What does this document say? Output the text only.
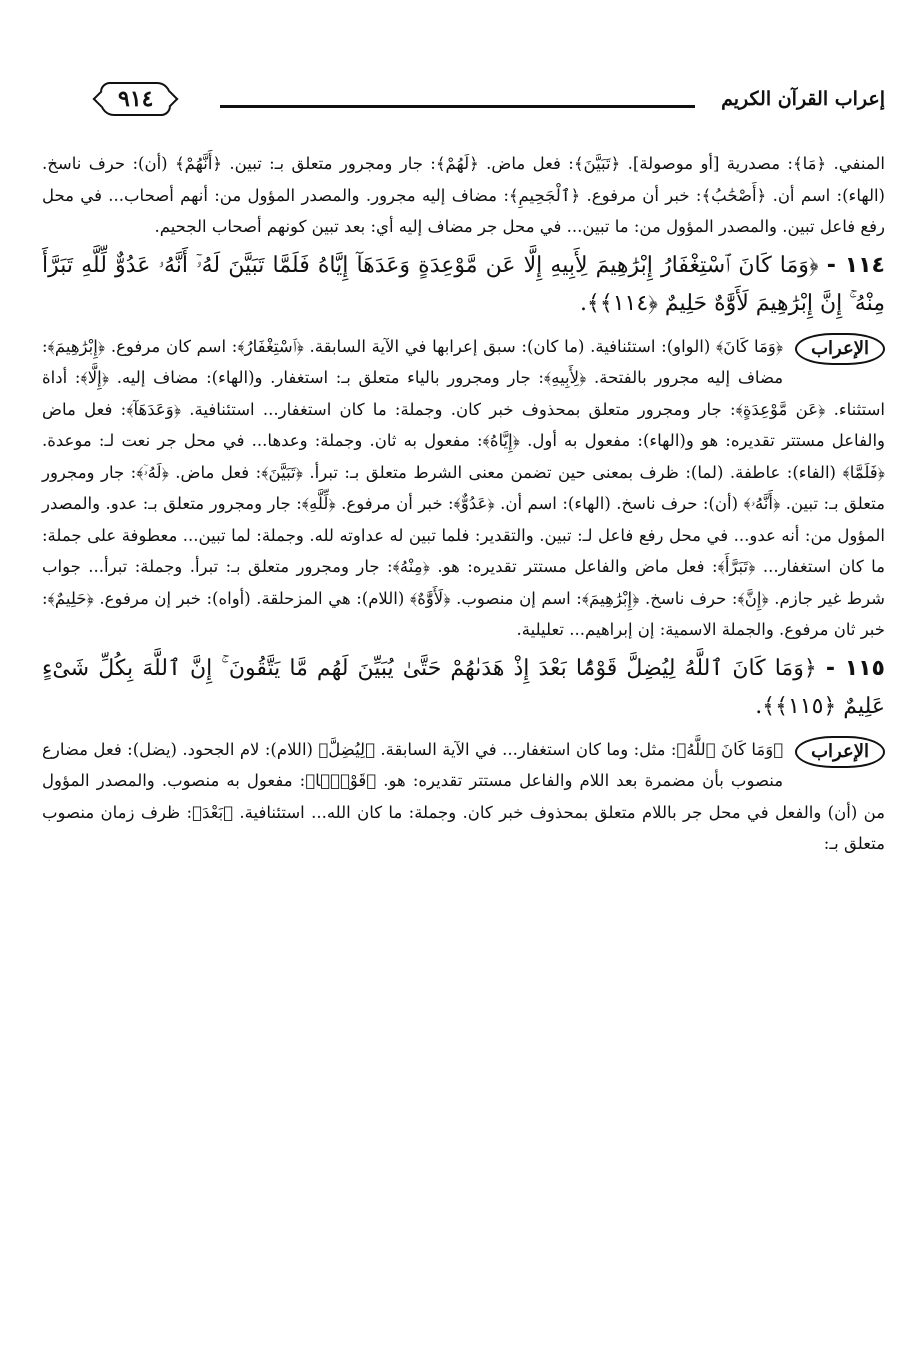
٩١٤	إعراب القرآن الكريم

المنفي. ﴿مَا﴾: مصدرية [أو موصولة]. ﴿تَبَيَّنَ﴾: فعل ماض. ﴿لَهُمْ﴾: جار ومجرور متعلق بـ: تبين. ﴿أَنَّهُمْ﴾ (أن): حرف ناسخ. (الهاء): اسم أن. ﴿أَصْحَٰبُ﴾: خبر أن مرفوع. ﴿ٱلْجَحِيمِ﴾: مضاف إليه مجرور. والمصدر المؤول من: أنهم أصحاب... في محل رفع فاعل تبين. والمصدر المؤول من: ما تبين... في محل جر مضاف إليه أي: بعد تبين كونهم أصحاب الجحيم.

١١٤ - ﴿وَمَا كَانَ ٱسْتِغْفَارُ إِبْرَٰهِيمَ لِأَبِيهِ إِلَّا عَن مَّوْعِدَةٍ وَعَدَهَآ إِيَّاهُ فَلَمَّا تَبَيَّنَ لَهُۥٓ أَنَّهُۥ عَدُوٌّ لِّلَّهِ تَبَرَّأَ مِنْهُ ۚ إِنَّ إِبْرَٰهِيمَ لَأَوَّٰهٌ حَلِيمٌ ﴿١١٤﴾﴾.

الإعراب

﴿وَمَا كَانَ﴾ (الواو): استئنافية. (ما كان): سبق إعرابها في الآية السابقة. ﴿ٱسْتِغْفَارُ﴾: اسم كان مرفوع. ﴿إِبْرَٰهِيمَ﴾: مضاف إليه مجرور بالفتحة. ﴿لِأَبِيهِ﴾: جار ومجرور بالياء متعلق بـ: استغفار. و(الهاء): مضاف إليه. ﴿إِلَّا﴾: أداة استثناء. ﴿عَن مَّوْعِدَةٍ﴾: جار ومجرور متعلق بمحذوف خبر كان. وجملة: ما كان استغفار... استئنافية. ﴿وَعَدَهَآ﴾: فعل ماض والفاعل مستتر تقديره: هو و(الهاء): مفعول به أول. ﴿إِيَّاهُ﴾: مفعول به ثان. وجملة: وعدها... في محل جر نعت لـ: موعدة. ﴿فَلَمَّا﴾ (الفاء): عاطفة. (لما): ظرف بمعنى حين تضمن معنى الشرط متعلق بـ: تبرأ. ﴿تَبَيَّنَ﴾: فعل ماض. ﴿لَهُۥٓ﴾: جار ومجرور متعلق بـ: تبين. ﴿أَنَّهُۥ﴾ (أن): حرف ناسخ. (الهاء): اسم أن. ﴿عَدُوٌّ﴾: خبر أن مرفوع. ﴿لِّلَّهِ﴾: جار ومجرور متعلق بـ: عدو. والمصدر المؤول من: أنه عدو... في محل رفع فاعل لـ: تبين. والتقدير: فلما تبين له عداوته لله. وجملة: لما تبين... معطوفة على جملة: ما كان استغفار... ﴿تَبَرَّأَ﴾: فعل ماض والفاعل مستتر تقديره: هو. ﴿مِنْهُ﴾: جار ومجرور متعلق بـ: تبرأ. وجملة: تبرأ... جواب شرط غير جازم. ﴿إِنَّ﴾: حرف ناسخ. ﴿إِبْرَٰهِيمَ﴾: اسم إن منصوب. ﴿لَأَوَّٰهٌ﴾ (اللام): هي المزحلقة. (أواه): خبر إن مرفوع. ﴿حَلِيمٌ﴾: خبر ثان مرفوع. والجملة الاسمية: إن إبراهيم... تعليلية.

١١٥ - ﴿وَمَا كَانَ ٱللَّهُ لِيُضِلَّ قَوْمًۢا بَعْدَ إِذْ هَدَىٰهُمْ حَتَّىٰ يُبَيِّنَ لَهُم مَّا يَتَّقُونَ ۚ إِنَّ ٱللَّهَ بِكُلِّ شَىْءٍ عَلِيمٌ ﴿١١٥﴾﴾.

الإعراب

﴿وَمَا كَانَ ٱللَّهُ﴾: مثل: وما كان استغفار... في الآية السابقة. ﴿لِيُضِلَّ﴾ (اللام): لام الجحود. (يضل): فعل مضارع منصوب بأن مضمرة بعد اللام والفاعل مستتر تقديره: هو. ﴿قَوْمًۢا﴾: مفعول به منصوب. والمصدر المؤول من (أن) والفعل في محل جر باللام متعلق بمحذوف خبر كان. وجملة: ما كان الله... استئنافية. ﴿بَعْدَ﴾: ظرف زمان منصوب متعلق بـ:
